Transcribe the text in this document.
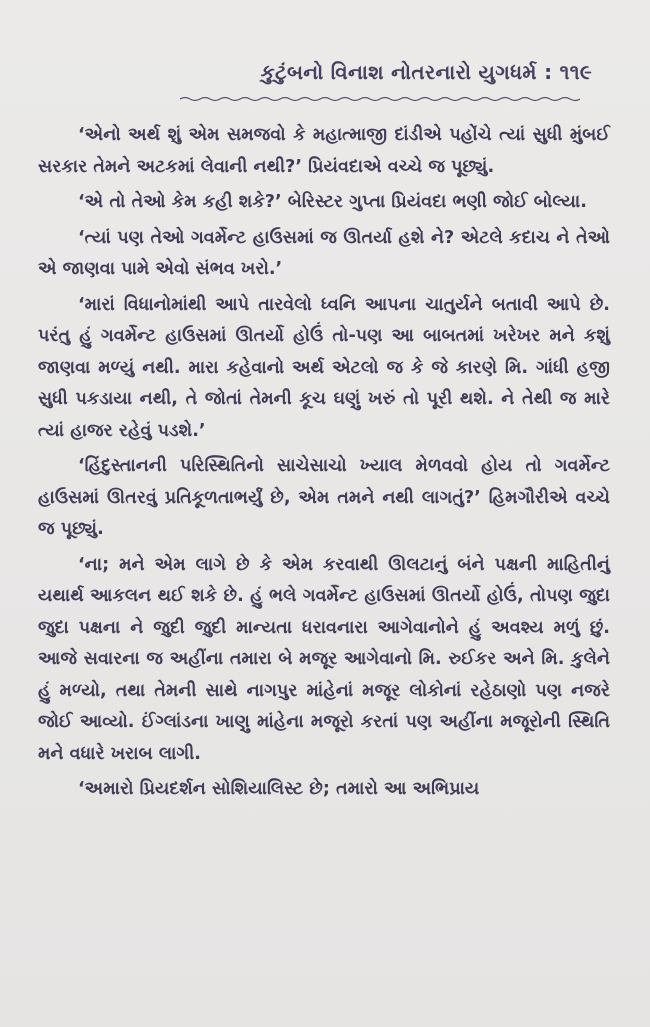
કુટુંબનો વિનાશ નોતરનારો યુગધર્મ : ૧૧૯

‘એનો અર્થ શું એમ સમજવો કે મહાત્માજી દાંડીએ પહોંચે ત્યાં સુધી મુંબઈ સરકાર તેમને અટકમાં લેવાની નથી?’ પ્રિયંવદાએ વચ્ચે જ પૂછ્યું.

‘એ તો તેઓ કેમ કહી શકે?’ બેરિસ્ટર ગુપ્તા પ્રિયંવદા ભણી જોઈ બોલ્યા.

‘ત્યાં પણ તેઓ ગવર્મેન્ટ હાઉસમાં જ ઊતર્યા હશે ને? એટલે કદાચ ને તેઓ એ જાણવા પામે એવો સંભવ ખરો.’

‘મારાં વિધાનોમાંથી આપે તારવેલો ધ્વનિ આપના ચાતુર્યને બતાવી આપે છે. પરંતુ હું ગવર્મેન્ટ હાઉસમાં ઊતર્યો હોઉં તો-પણ આ બાબતમાં ખરેખર મને કશું જાણવા મળ્યું નથી. મારા કહેવાનો અર્થ એટલો જ કે જે કારણે મિ. ગાંધી હજી સુધી પકડાયા નથી, તે જોતાં તેમની કૂચ ઘણું ખરું તો પૂરી થશે. ને તેથી જ મારે ત્યાં હાજર રહેવું પડશે.’

‘હિંદુસ્તાનની પરિસ્થિતિનો સાચેસાચો ખ્યાલ મેળવવો હોય તો ગવર્મેન્ટ હાઉસમાં ઊતરવું પ્રતિકૂળતાભર્યું છે, એમ તમને નથી લાગતું?’ હિમગૌરીએ વચ્ચે જ પૂછ્યું.

‘ના; મને એમ લાગે છે કે એમ કરવાથી ઊલટાનું બંને પક્ષની માહિતીનું યથાર્થ આકલન થઈ શકે છે. હું ભલે ગવર્મેન્ટ હાઉસમાં ઊતર્યો હોઉં, તોપણ જુદા જુદા પક્ષના ને જુદી જુદી માન્યતા ધરાવનારા આગેવાનોને હું અવશ્ય મળું છું. આજે સવારના જ અહીંના તમારા બે મજૂર આગેવાનો મિ. રુઈકર અને મિ. કુલેને હું મળ્યો, તથા તેમની સાથે નાગપુર માંહેનાં મજૂર લોકોનાં રહેઠાણો પણ નજરે જોઈ આવ્યો. ઈંગ્લાંડના ખાણુ માંહેના મજૂરો કરતાં પણ અહીંના મજૂરોની સ્થિતિ મને વધારે ખરાબ લાગી.

‘અમારો પ્રિયદર્શન સોશિયાલિસ્ટ છે; તમારો આ અભિપ્રાય
